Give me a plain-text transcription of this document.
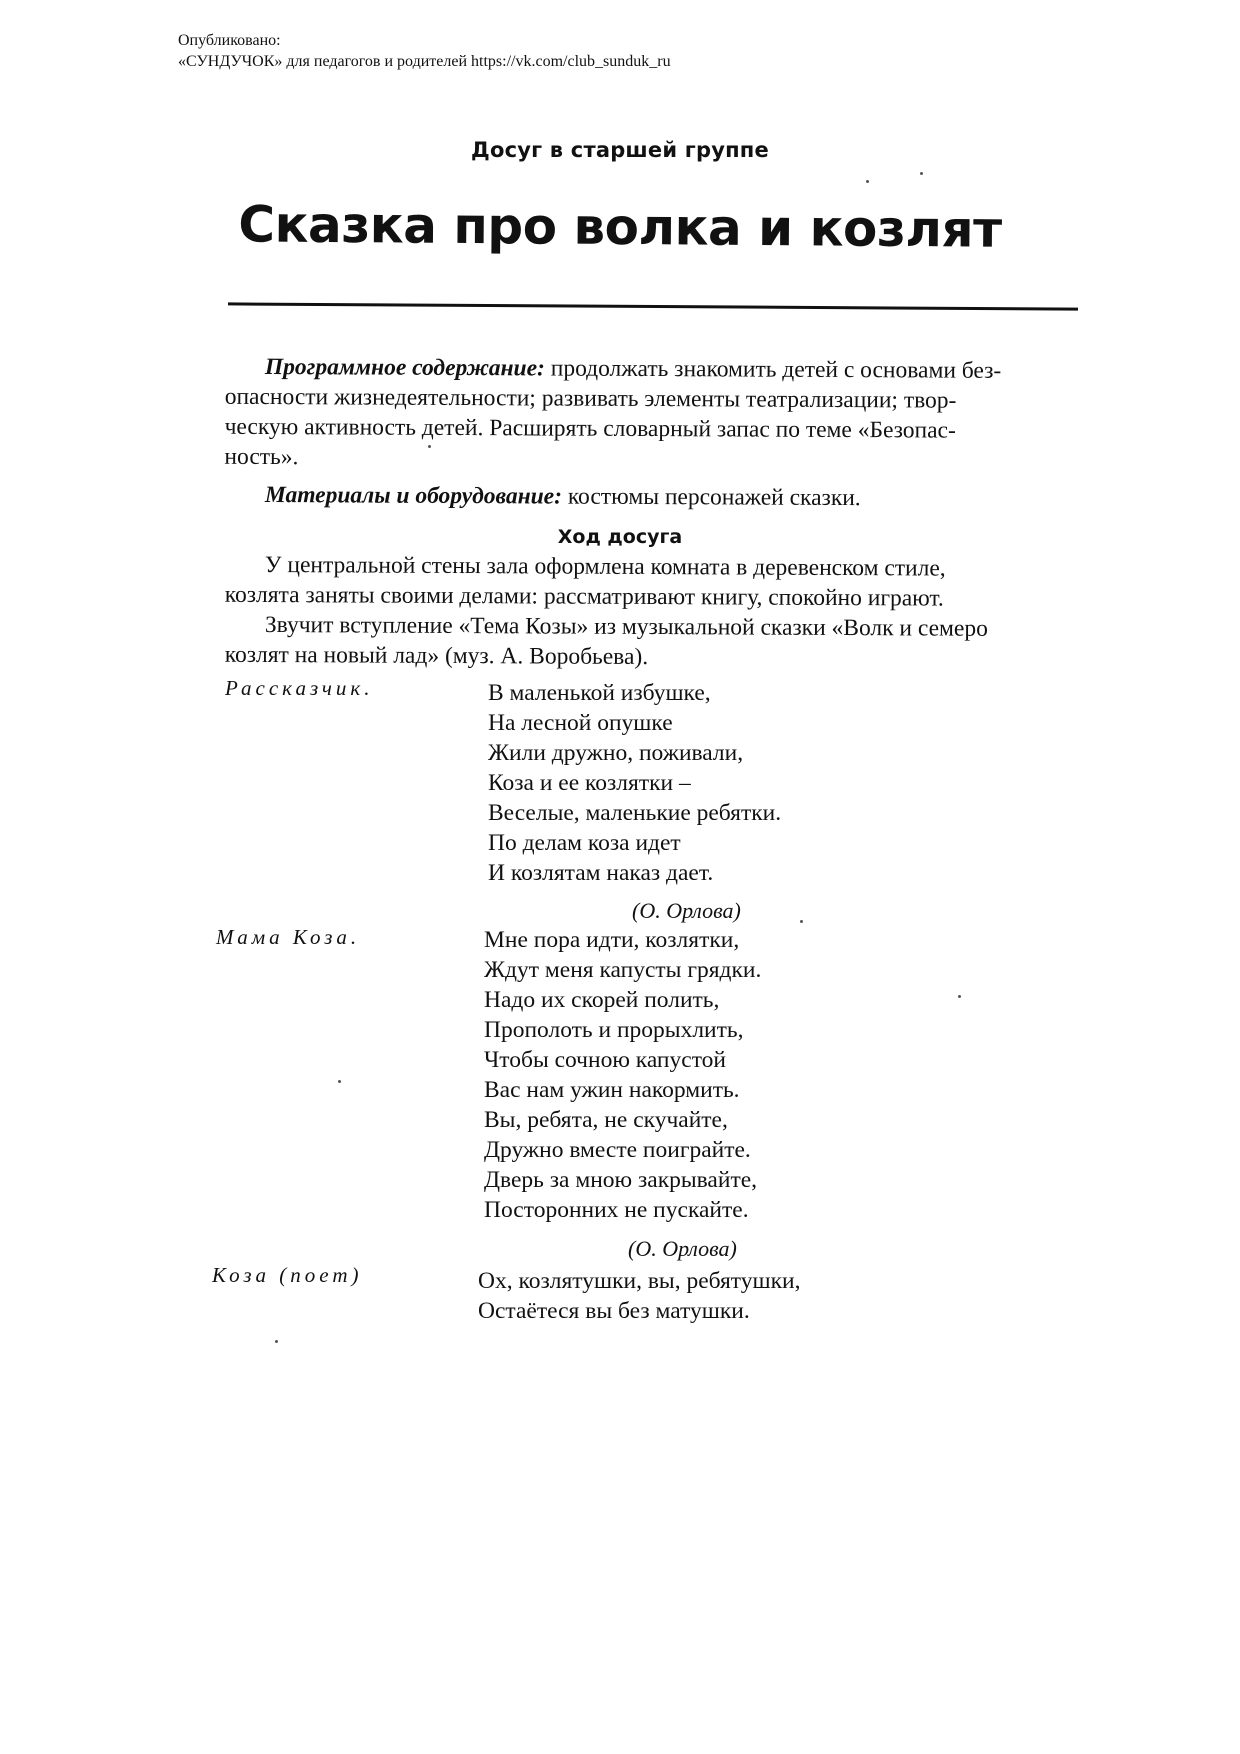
Опубликовано:
«СУНДУЧОК» для педагогов и родителей https://vk.com/club_sunduk_ru
Досуг в старшей группе
Сказка про волка и козлят
Программное содержание: продолжать знакомить детей с основами без-
опасности жизнедеятельности; развивать элементы театрализации; твор-
ческую активность детей. Расширять словарный запас по теме «Безопас-
ность».
Материалы и оборудование: костюмы персонажей сказки.
Ход досуга
У центральной стены зала оформлена комната в деревенском стиле,
козлята заняты своими делами: рассматривают книгу, спокойно играют.
Звучит вступление «Тема Козы» из музыкальной сказки «Волк и семеро
козлят на новый лад» (муз. А. Воробьева).
Рассказчик.	В маленькой избушке,
На лесной опушке
Жили дружно, поживали,
Коза и ее козлятки –
Веселые, маленькие ребятки.
По делам коза идет
И козлятам наказ дает.
(О. Орлова)
Мама Коза.	Мне пора идти, козлятки,
Ждут меня капусты грядки.
Надо их скорей полить,
Прополоть и прорыхлить,
Чтобы сочною капустой
Вас нам ужин накормить.
Вы, ребята, не скучайте,
Дружно вместе поиграйте.
Дверь за мною закрывайте,
Посторонних не пускайте.
(О. Орлова)
Коза (поет)	Ох, козлятушки, вы, ребятушки,
Остаётеся вы без матушки.
